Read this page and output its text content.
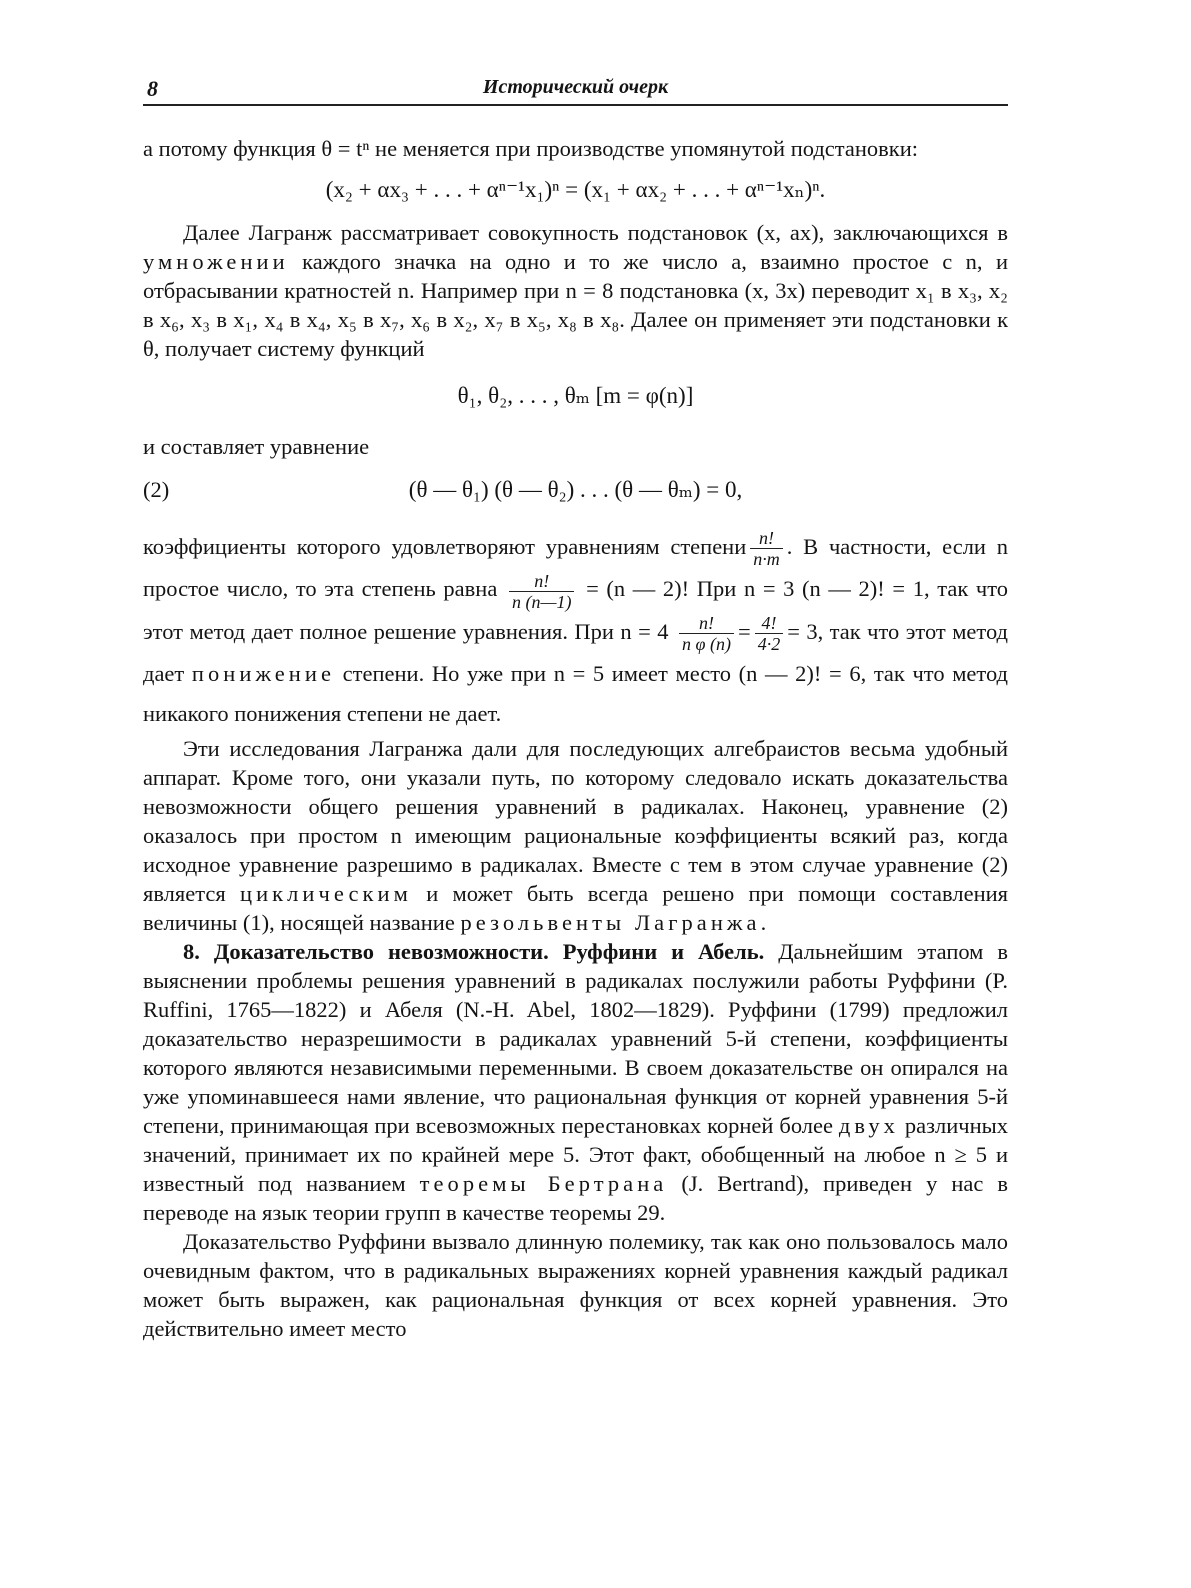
8	Исторический очерк

а потому функция θ = tⁿ не меняется при производстве упомянутой подстановки:

(x₂ + αx₃ + . . . + αⁿ⁻¹x₁)ⁿ = (x₁ + αx₂ + . . . + αⁿ⁻¹xₙ)ⁿ.

Далее Лагранж рассматривает совокупность подстановок (x, ax), заключающихся в умножении каждого значка на одно и то же число a, взаимно простое с n, и отбрасывании кратностей n. Например при n = 8 подстановка (x, 3x) переводит x₁ в x₃, x₂ в x₆, x₃ в x₁, x₄ в x₄, x₅ в x₇, x₆ в x₂, x₇ в x₅, x₈ в x₈. Далее он применяет эти подстановки к θ, получает систему функций

θ₁, θ₂, . . . , θₘ [m = φ(n)]

и составляет уравнение

(2)	(θ — θ₁) (θ — θ₂) . . . (θ — θₘ) = 0,

коэффициенты которого удовлетворяют уравнениям степени $\frac{n!}{n\cdot m}$ . В частности, если n простое число, то эта степень равна $\frac{n!}{n (n—1)} = (n$ — 2)! При n = 3 (n — 2)! = 1, так что этот метод дает полное решение уравнения. При $n = 4 \frac{n!}{\text{n φ (n)}} = \frac{4!}{4\cdot 2} = 3$, так что этот метод дает понижение степени. Но уже при n = 5 имеет место (n — 2)! = 6, так что метод никакого понижения степени не дает.

Эти исследования Лагранжа дали для последующих алгебраистов весьма удобный аппарат. Кроме того, они указали путь, по которому следовало искать доказательства невозможности общего решения уравнений в радикалах. Наконец, уравнение (2) оказалось при простом n имеющим рациональные коэффициенты всякий раз, когда исходное уравнение разрешимо в радикалах. Вместе с тем в этом случае уравнение (2) является циклическим и может быть всегда решено при помощи составления величины (1), носящей название резольвенты Лагранжа.

8. Доказательство невозможности. Руффини и Абель. Дальнейшим этапом в выяснении проблемы решения уравнений в радикалах послужили работы Руффини (P. Ruffini, 1765—1822) и Абеля (N.-H. Abel, 1802—1829). Руффини (1799) предложил доказательство неразрешимости в радикалах уравнений 5-й степени, коэффициенты которого являются независимыми переменными. В своем доказательстве он опирался на уже упоминавшееся нами явление, что рациональная функция от корней уравнения 5-й степени, принимающая при всевозможных перестановках корней более двух различных значений, принимает их по крайней мере 5. Этот факт, обобщенный на любое n ≥ 5 и известный под названием теоремы Бертрана (J. Bertrand), приведен у нас в переводе на язык теории групп в качестве теоремы 29.

Доказательство Руффини вызвало длинную полемику, так как оно пользовалось мало очевидным фактом, что в радикальных выражениях корней уравнения каждый радикал может быть выражен, как рациональная функция от всех корней уравнения. Это действительно имеет место
